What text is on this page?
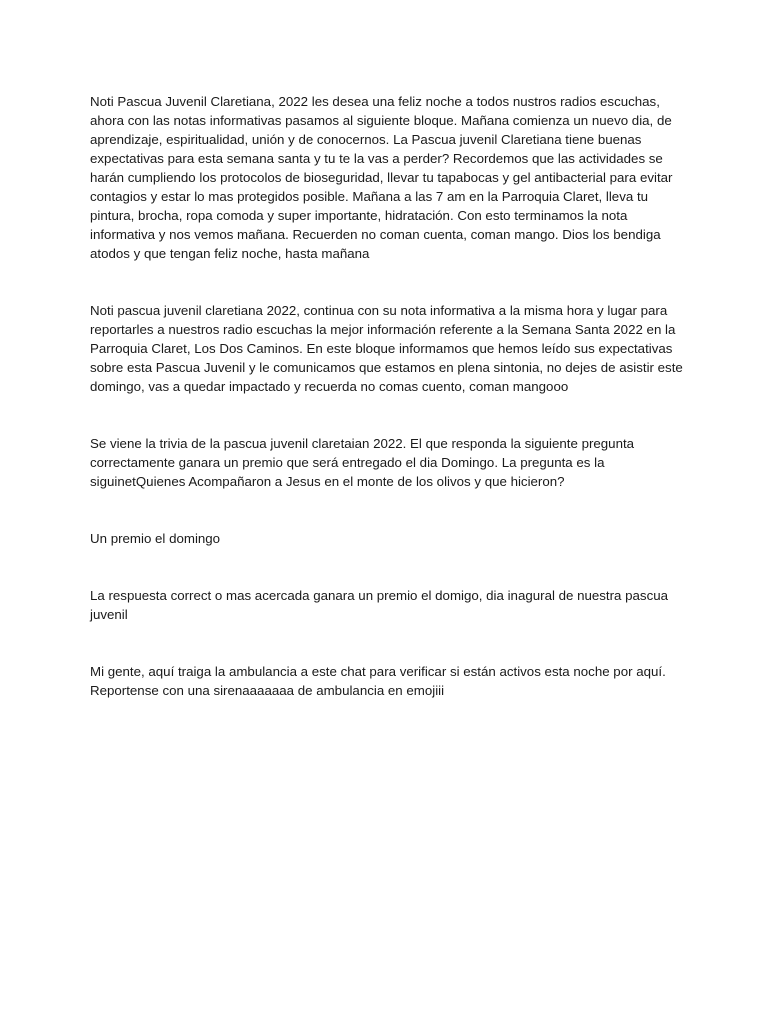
Noti Pascua Juvenil Claretiana, 2022 les desea una feliz noche a todos nustros radios escuchas, ahora con las notas informativas pasamos al siguiente bloque. Mañana comienza un nuevo dia, de aprendizaje, espiritualidad, unión y de conocernos. La Pascua juvenil Claretiana tiene buenas expectativas para esta semana santa y tu te la vas a perder? Recordemos que las actividades se harán cumpliendo los protocolos de bioseguridad, llevar tu tapabocas y gel antibacterial para evitar contagios y estar lo mas protegidos posible. Mañana a las 7 am en la Parroquia Claret, lleva tu pintura, brocha, ropa comoda y super importante, hidratación. Con esto terminamos la nota informativa y nos vemos mañana. Recuerden no coman cuenta, coman mango. Dios los bendiga atodos y que tengan feliz noche, hasta mañana

Noti pascua juvenil claretiana 2022, continua con su nota informativa a la misma hora y lugar para reportarles a nuestros radio escuchas la mejor información referente a la Semana Santa 2022 en la Parroquia Claret, Los Dos Caminos. En este bloque informamos que hemos leído sus expectativas sobre esta Pascua Juvenil y le comunicamos que estamos en plena sintonia, no dejes de asistir este domingo, vas a quedar impactado y recuerda no comas cuento, coman mangooo

Se viene la trivia de la pascua juvenil claretaian 2022. El que responda la siguiente pregunta correctamente ganara un premio que será entregado el dia Domingo. La pregunta es la siguinetQuienes Acompañaron a Jesus en el monte de los olivos y que hicieron?

Un premio el domingo

La respuesta correct o mas acercada ganara un premio el domigo, dia inagural de nuestra pascua juvenil

Mi gente, aquí traiga la ambulancia a este chat para verificar si están activos esta noche por aquí. Reportense con una sirenaaaaaaa de ambulancia en emojiii
